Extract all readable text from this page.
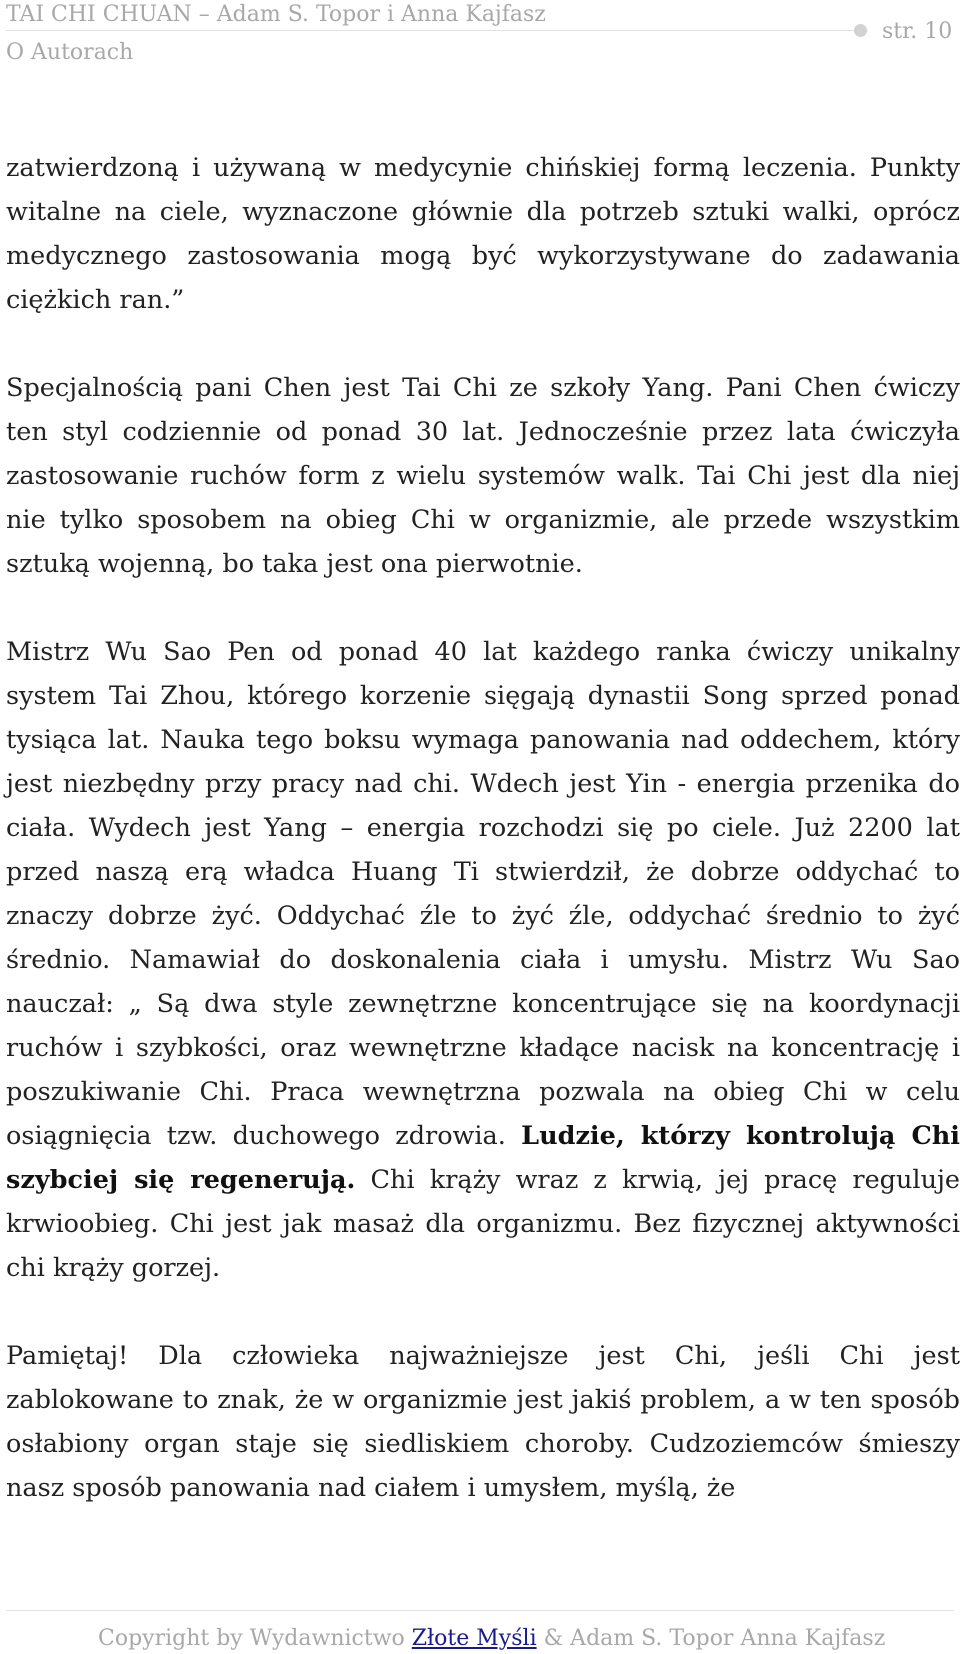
TAI CHI CHUAN – Adam S. Topor i Anna Kajfasz
str. 10
O Autorach

zatwierdzoną i używaną w medycynie chińskiej formą leczenia. Punkty witalne na ciele, wyznaczone głównie dla potrzeb sztuki walki, oprócz medycznego zastosowania mogą być wykorzystywane do zadawania ciężkich ran.”

Specjalnością pani Chen jest Tai Chi ze szkoły Yang. Pani Chen ćwiczy ten styl codziennie od ponad 30 lat. Jednocześnie przez lata ćwiczyła zastosowanie ruchów form z wielu systemów walk. Tai Chi jest dla niej nie tylko sposobem na obieg Chi w organizmie, ale przede wszystkim sztuką wojenną, bo taka jest ona pierwotnie.

Mistrz Wu Sao Pen od ponad 40 lat każdego ranka ćwiczy unikalny system Tai Zhou, którego korzenie sięgają dynastii Song sprzed ponad tysiąca lat. Nauka tego boksu wymaga panowania nad oddechem, który jest niezbędny przy pracy nad chi. Wdech jest Yin - energia przenika do ciała. Wydech jest Yang – energia rozchodzi się po ciele. Już 2200 lat przed naszą erą władca Huang Ti stwierdził, że dobrze oddychać to znaczy dobrze żyć. Oddychać źle to żyć źle, oddychać średnio to żyć średnio. Namawiał do doskonalenia ciała i umysłu. Mistrz Wu Sao nauczał: „ Są dwa style zewnętrzne koncentrujące się na koordynacji ruchów i szybkości, oraz wewnętrzne kładące nacisk na koncentrację i poszukiwanie Chi. Praca wewnętrzna pozwala na obieg Chi w celu osiągnięcia tzw. duchowego zdrowia. Ludzie, którzy kontrolują Chi szybciej się regenerują. Chi krąży wraz z krwią, jej pracę reguluje krwioobieg. Chi jest jak masaż dla organizmu. Bez fizycznej aktywności chi krąży gorzej.

Pamiętaj! Dla człowieka najważniejsze jest Chi, jeśli Chi jest zablokowane to znak, że w organizmie jest jakiś problem, a w ten sposób osłabiony organ staje się siedliskiem choroby. Cudzoziemców śmieszy nasz sposób panowania nad ciałem i umysłem, myślą, że

Copyright by Wydawnictwo Złote Myśli & Adam S. Topor Anna Kajfasz
